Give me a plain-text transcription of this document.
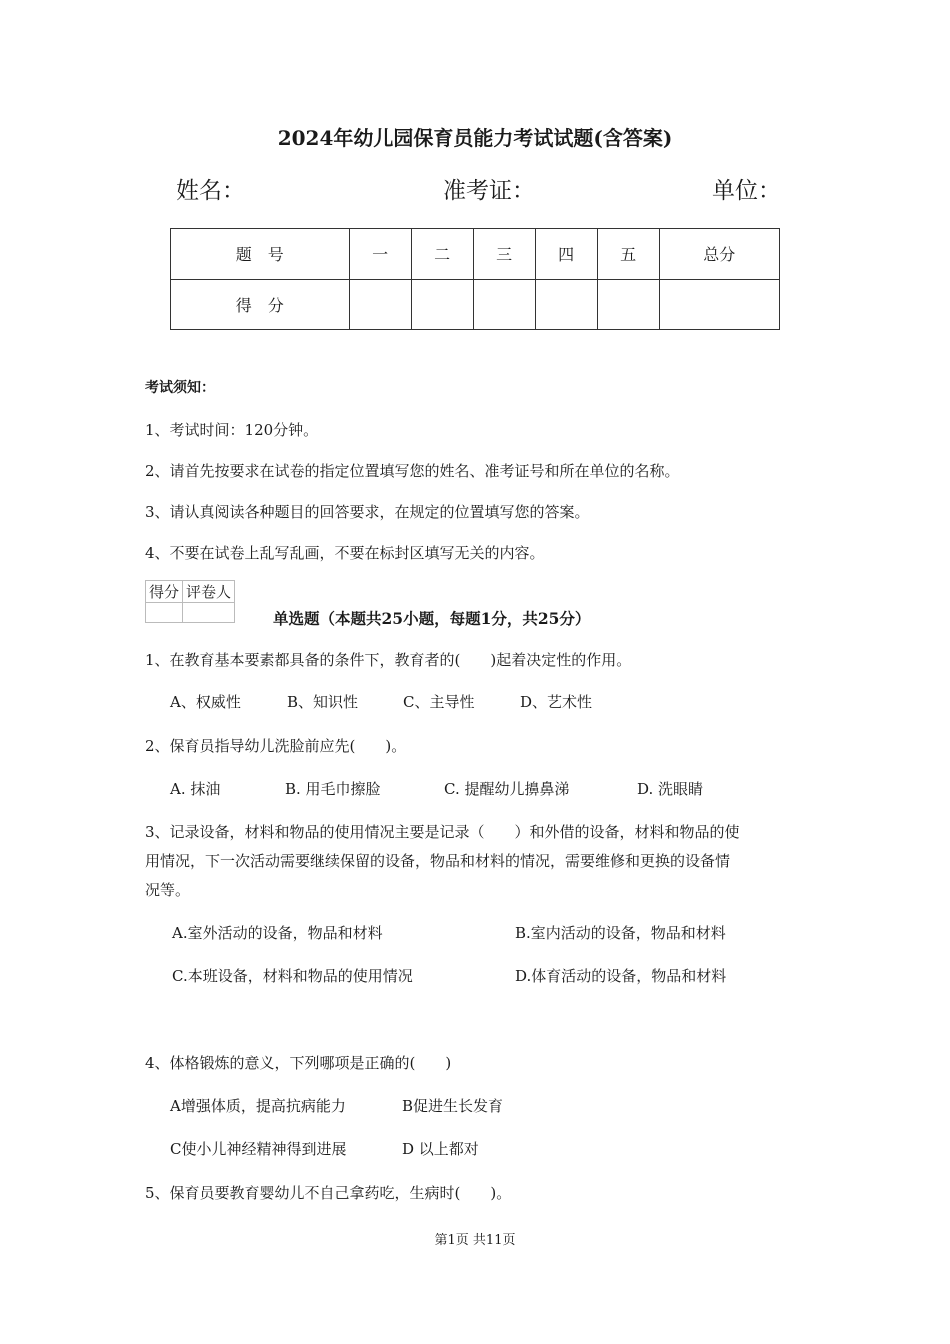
2024年幼儿园保育员能力考试试题(含答案)
姓名：	准考证：	单位：
题　号	一	二	三	四	五	总分
得　分						
考试须知：
1、考试时间：120分钟。
2、请首先按要求在试卷的指定位置填写您的姓名、准考证号和所在单位的名称。
3、请认真阅读各种题目的回答要求，在规定的位置填写您的答案。
4、不要在试卷上乱写乱画，不要在标封区填写无关的内容。
得分	评卷人

单选题（本题共25小题，每题1分，共25分）
1、在教育基本要素都具备的条件下，教育者的(　　)起着决定性的作用。
A、权威性	B、知识性	C、主导性	D、艺术性
2、保育员指导幼儿洗脸前应先(　　)。
A. 抹油	B. 用毛巾擦脸	C. 提醒幼儿擤鼻涕	D. 洗眼睛
3、记录设备，材料和物品的使用情况主要是记录（　　）和外借的设备，材料和物品的使
用情况，下一次活动需要继续保留的设备，物品和材料的情况，需要维修和更换的设备情
况等。
A.室外活动的设备，物品和材料	B.室内活动的设备，物品和材料
C.本班设备，材料和物品的使用情况	D.体育活动的设备，物品和材料
4、体格锻炼的意义，下列哪项是正确的(　　)
A增强体质，提高抗病能力	B促进生长发育
C使小儿神经精神得到进展	D 以上都对
5、保育员要教育婴幼儿不自己拿药吃，生病时(　　)。
第1页 共11页
